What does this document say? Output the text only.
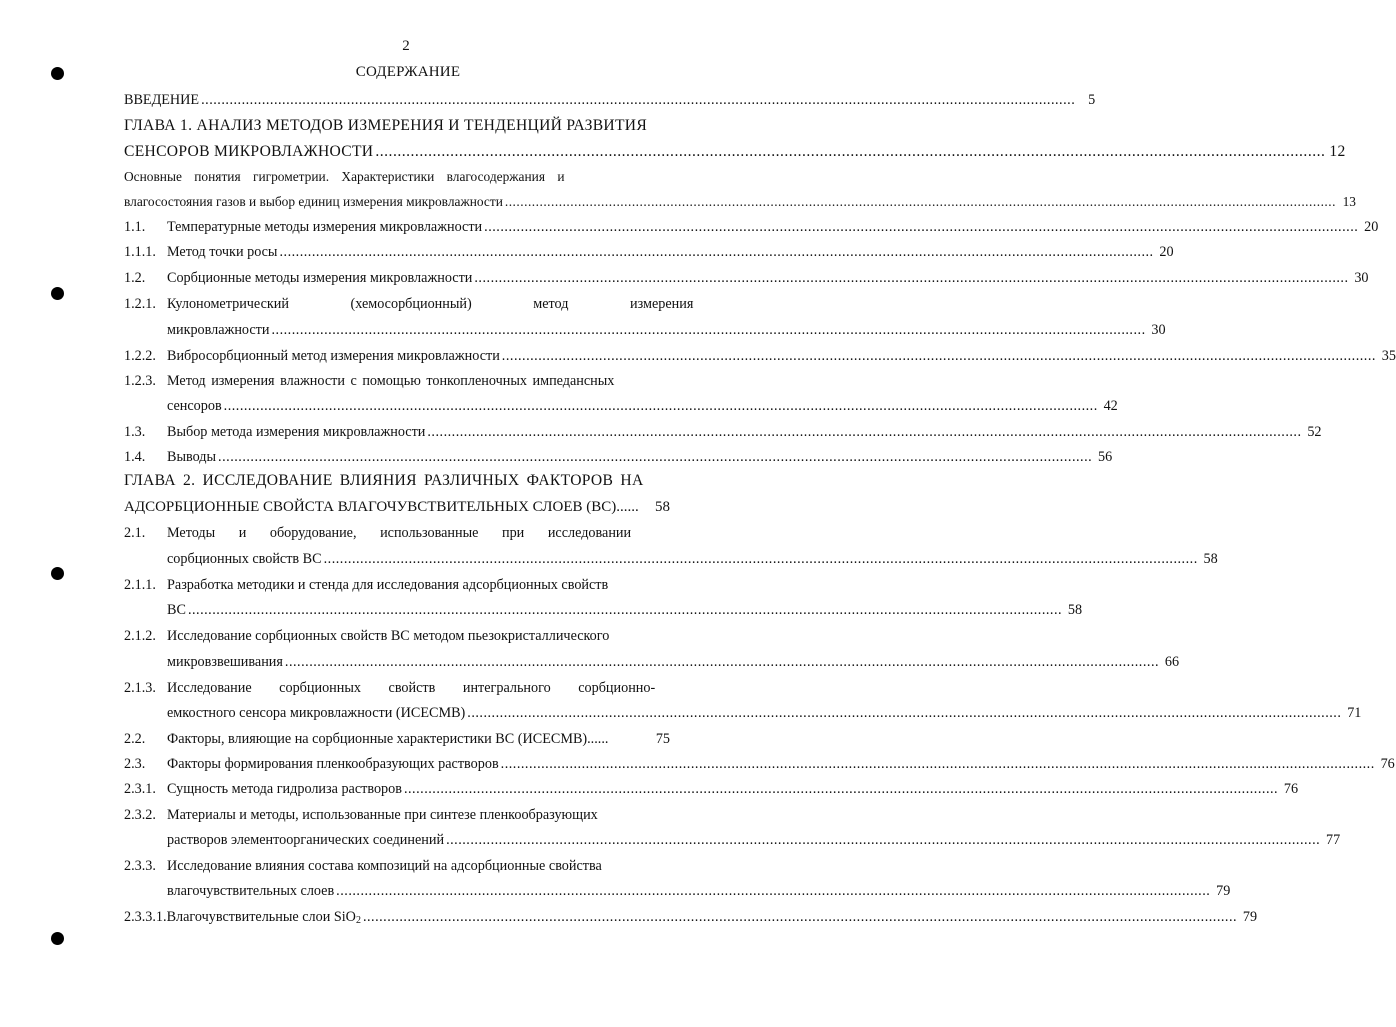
2
СОДЕРЖАНИЕ
ВВЕДЕНИЕ ........................................................................................................................................................................................................................ 5
ГЛАВА 1. АНАЛИЗ МЕТОДОВ ИЗМЕРЕНИЯ И ТЕНДЕНЦИЙ РАЗВИТИЯ
СЕНСОРОВ МИКРОВЛАЖНОСТИ ........................................................................................................................................................................................................................ 12
Основные понятия гигрометрии. Характеристики влагосодержания и
влагосостояния газов и выбор единиц измерения микровлажности ........................................................................................................................................................................................................................ 13
1.1. Температурные методы измерения микровлажности ........................................................................................................................................................................................................................ 20
1.1.1. Метод точки росы ........................................................................................................................................................................................................................ 20
1.2. Сорбционные методы измерения микровлажности ........................................................................................................................................................................................................................ 30
1.2.1. Кулонометрический (хемосорбционный) метод измерения
микровлажности ........................................................................................................................................................................................................................ 30
1.2.2. Вибросорбционный метод измерения микровлажности ........................................................................................................................................................................................................................ 35
1.2.3. Метод измерения влажности с помощью тонкопленочных импедансных
сенсоров ........................................................................................................................................................................................................................ 42
1.3. Выбор метода измерения микровлажности ........................................................................................................................................................................................................................ 52
1.4. Выводы ........................................................................................................................................................................................................................ 56
ГЛАВА 2. ИССЛЕДОВАНИЕ ВЛИЯНИЯ РАЗЛИЧНЫХ ФАКТОРОВ НА
АДСОРБЦИОННЫЕ СВОЙСТА ВЛАГОЧУВСТВИТЕЛЬНЫХ СЛОЕВ (ВС)...... 58
2.1. Методы и оборудование, использованные при исследовании
сорбционных свойств ВС ........................................................................................................................................................................................................................ 58
2.1.1. Разработка методики и стенда для исследования адсорбционных свойств
ВС ........................................................................................................................................................................................................................ 58
2.1.2. Исследование сорбционных свойств ВС методом пьезокристаллического
микровзвешивания ........................................................................................................................................................................................................................ 66
2.1.3. Исследование сорбционных свойств интегрального сорбционно-
емкостного сенсора микровлажности (ИСЕСМВ) ........................................................................................................................................................................................................................ 71
2.2. Факторы, влияющие на сорбционные характеристики ВС (ИСЕСМВ)......	75
2.3. Факторы формирования пленкообразующих растворов ........................................................................................................................................................................................................................ 76
2.3.1. Сущность метода гидролиза растворов ........................................................................................................................................................................................................................ 76
2.3.2. Материалы и методы, использованные при синтезе пленкообразующих
растворов элементоорганических соединений ........................................................................................................................................................................................................................ 77
2.3.3. Исследование влияния состава композиций на адсорбционные свойства
влагочувствительных слоев ........................................................................................................................................................................................................................ 79
2.3.3.1. Влагочувствительные слои SiO$_2$ ........................................................................................................................................................................................................................ 79
